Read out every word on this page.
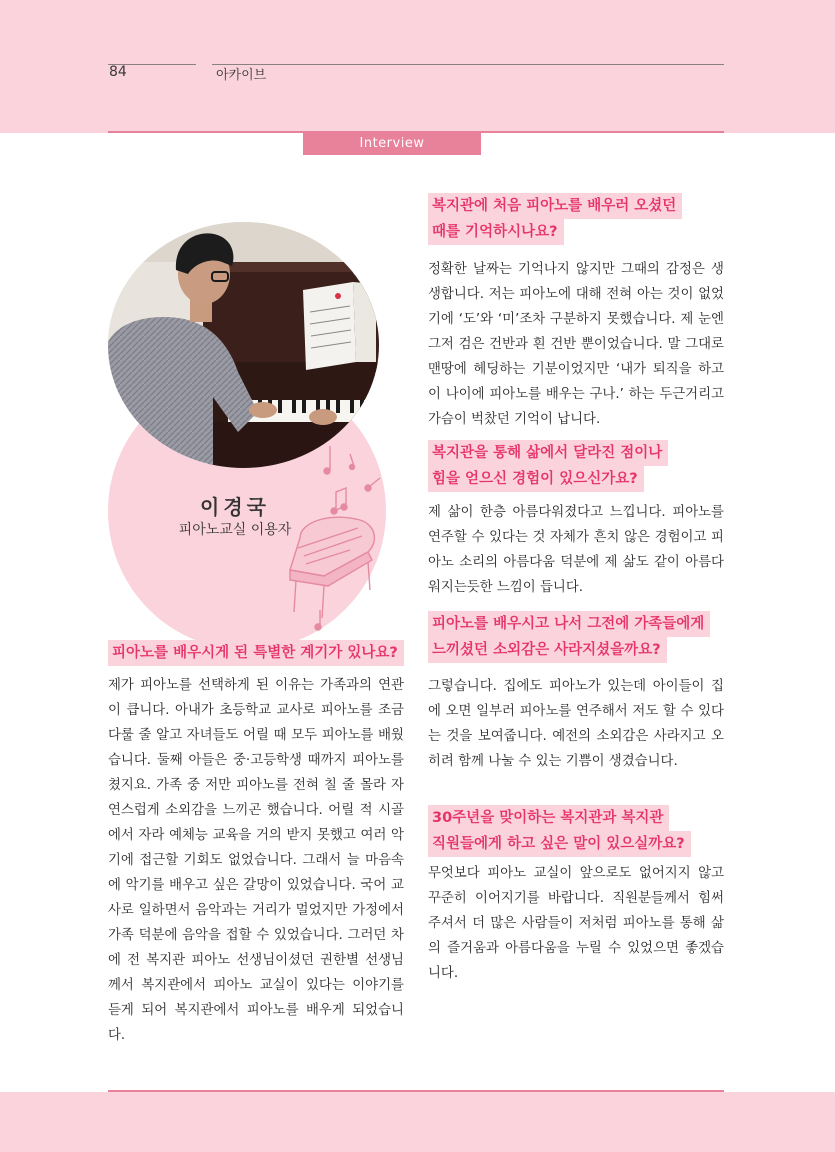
84	아카이브
Interview
이경국
피아노교실 이용자
피아노를 배우시게 된 특별한 계기가 있나요?
제가 피아노를 선택하게 된 이유는 가족과의 연관이 큽니다. 아내가 초등학교 교사로 피아노를 조금 다룰 줄 알고 자녀들도 어릴 때 모두 피아노를 배웠습니다. 둘째 아들은 중·고등학생 때까지 피아노를 쳤지요. 가족 중 저만 피아노를 전혀 칠 줄 몰라 자연스럽게 소외감을 느끼곤 했습니다. 어릴 적 시골에서 자라 예체능 교육을 거의 받지 못했고 여러 악기에 접근할 기회도 없었습니다. 그래서 늘 마음속에 악기를 배우고 싶은 갈망이 있었습니다. 국어 교사로 일하면서 음악과는 거리가 멀었지만 가정에서 가족 덕분에 음악을 접할 수 있었습니다. 그러던 차에 전 복지관 피아노 선생님이셨던 권한별 선생님께서 복지관에서 피아노 교실이 있다는 이야기를 듣게 되어 복지관에서 피아노를 배우게 되었습니다.
복지관에 처음 피아노를 배우러 오셨던
때를 기억하시나요?
정확한 날짜는 기억나지 않지만 그때의 감정은 생생합니다. 저는 피아노에 대해 전혀 아는 것이 없었기에 ‘도’와 ‘미’조차 구분하지 못했습니다. 제 눈엔 그저 검은 건반과 흰 건반 뿐이었습니다. 말 그대로 맨땅에 헤딩하는 기분이었지만 ‘내가 퇴직을 하고 이 나이에 피아노를 배우는 구나.’ 하는 두근거리고 가슴이 벅찼던 기억이 납니다.
복지관을 통해 삶에서 달라진 점이나
힘을 얻으신 경험이 있으신가요?
제 삶이 한층 아름다워졌다고 느낍니다. 피아노를 연주할 수 있다는 것 자체가 흔치 않은 경험이고 피아노 소리의 아름다움 덕분에 제 삶도 같이 아름다워지는듯한 느낌이 듭니다.
피아노를 배우시고 나서 그전에 가족들에게
느끼셨던 소외감은 사라지셨을까요?
그렇습니다. 집에도 피아노가 있는데 아이들이 집에 오면 일부러 피아노를 연주해서 저도 할 수 있다는 것을 보여줍니다. 예전의 소외감은 사라지고 오히려 함께 나눌 수 있는 기쁨이 생겼습니다.
30주년을 맞이하는 복지관과 복지관
직원들에게 하고 싶은 말이 있으실까요?
무엇보다 피아노 교실이 앞으로도 없어지지 않고 꾸준히 이어지기를 바랍니다. 직원분들께서 힘써 주셔서 더 많은 사람들이 저처럼 피아노를 통해 삶의 즐거움과 아름다움을 누릴 수 있었으면 좋겠습니다.
